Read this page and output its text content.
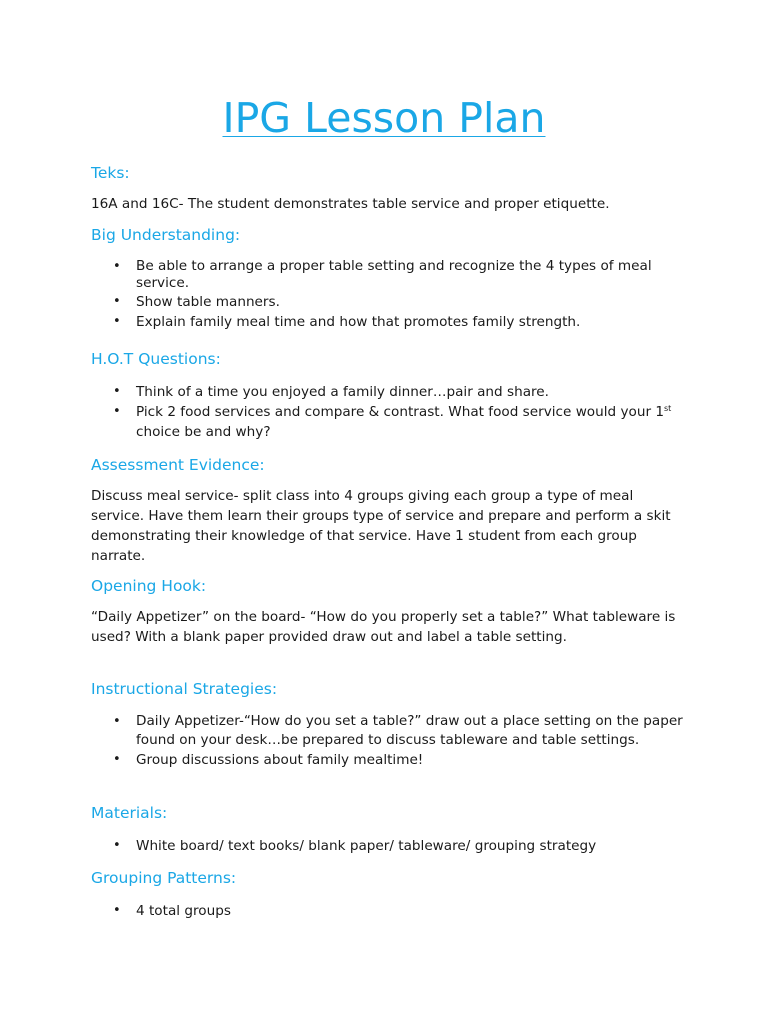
IPG Lesson Plan
Teks:

16A and 16C- The student demonstrates table service and proper etiquette.

Big Understanding:
• Be able to arrange a proper table setting and recognize the 4 types of meal service.
• Show table manners.
• Explain family meal time and how that promotes family strength.
H.O.T Questions:
• Think of a time you enjoyed a family dinner…pair and share.
• Pick 2 food services and compare & contrast. What food service would your 1st choice be and why?
Assessment Evidence:

Discuss meal service- split class into 4 groups giving each group a type of meal service. Have them learn their groups type of service and prepare and perform a skit demonstrating their knowledge of that service. Have 1 student from each group narrate.

Opening Hook:

“Daily Appetizer” on the board- “How do you properly set a table?” What tableware is used? With a blank paper provided draw out and label a table setting.

Instructional Strategies:
• Daily Appetizer-“How do you set a table?” draw out a place setting on the paper found on your desk…be prepared to discuss tableware and table settings.
• Group discussions about family mealtime!
Materials:
• White board/ text books/ blank paper/ tableware/ grouping strategy
Grouping Patterns:
• 4 total groups
